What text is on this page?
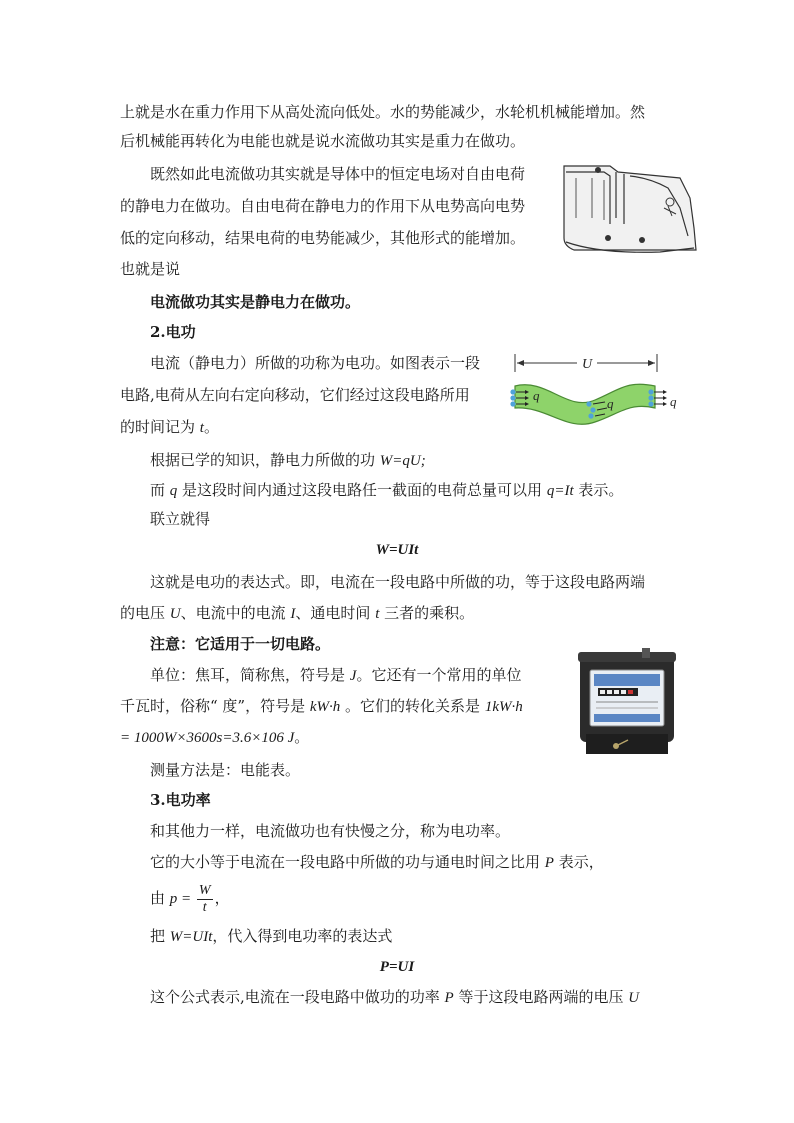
上就是水在重力作用下从高处流向低处。水的势能减少，水轮机机械能增加。然
后机械能再转化为电能也就是说水流做功其实是重力在做功。
既然如此电流做功其实就是导体中的恒定电场对自由电荷
的静电力在做功。自由电荷在静电力的作用下从电势高向电势
低的定向移动，结果电荷的电势能减少，其他形式的能增加。
也就是说
电流做功其实是静电力在做功。
2.电功
电流（静电力）所做的功称为电功。如图表示一段
电路,电荷从左向右定向移动，它们经过这段电路所用
的时间记为 t。
U
q
q	q
根据已学的知识，静电力所做的功 W=qU;
而 q 是这段时间内通过这段电路任一截面的电荷总量可以用 q=It 表示。
联立就得
W=UIt
这就是电功的表达式。即，电流在一段电路中所做的功，等于这段电路两端
的电压 U、电流中的电流 I、通电时间 t 三者的乘积。
注意：它适用于一切电路。
单位：焦耳，简称焦，符号是 J。它还有一个常用的单位
千瓦时，俗称“ 度”，符号是 kW·h 。它们的转化关系是 1kW·h
= 1000W×3600s=3.6×106 J。
测量方法是：电能表。
3.电功率
和其他力一样，电流做功也有快慢之分，称为电功率。
它的大小等于电流在一段电路中所做的功与通电时间之比用 P 表示，
由 $p = \frac{W}{t}$ ，
把 W=UIt，代入得到电功率的表达式
P=UI
这个公式表示,电流在一段电路中做功的功率 P 等于这段电路两端的电压 U
